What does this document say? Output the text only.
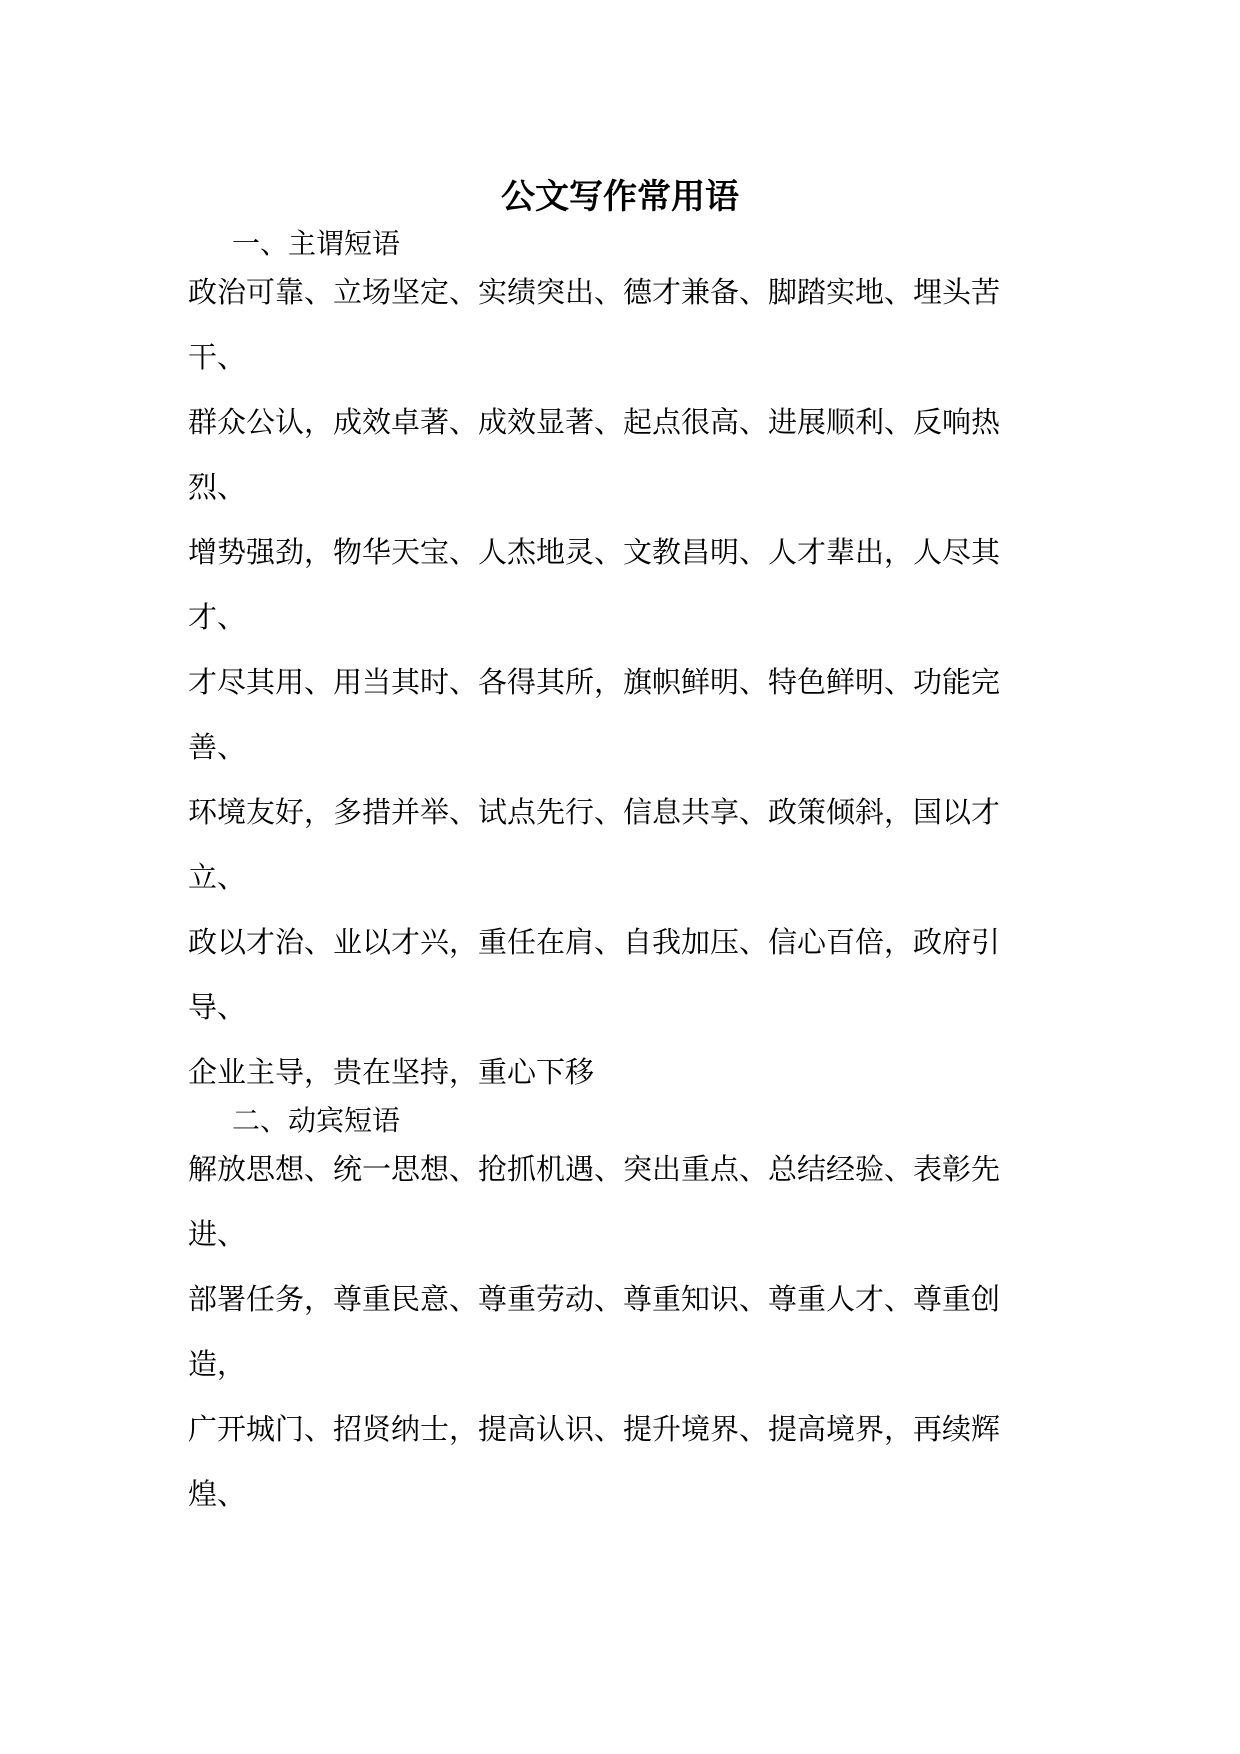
公文写作常用语

一、主谓短语

政治可靠、立场坚定、实绩突出、德才兼备、脚踏实地、埋头苦

干、

群众公认，成效卓著、成效显著、起点很高、进展顺利、反响热

烈、

增势强劲，物华天宝、人杰地灵、文教昌明、人才辈出，人尽其

才、

才尽其用、用当其时、各得其所，旗帜鲜明、特色鲜明、功能完

善、

环境友好，多措并举、试点先行、信息共享、政策倾斜，国以才

立、

政以才治、业以才兴，重任在肩、自我加压、信心百倍，政府引

导、

企业主导，贵在坚持，重心下移

二、动宾短语

解放思想、统一思想、抢抓机遇、突出重点、总结经验、表彰先

进、

部署任务，尊重民意、尊重劳动、尊重知识、尊重人才、尊重创

造，

广开城门、招贤纳士，提高认识、提升境界、提高境界，再续辉

煌、
